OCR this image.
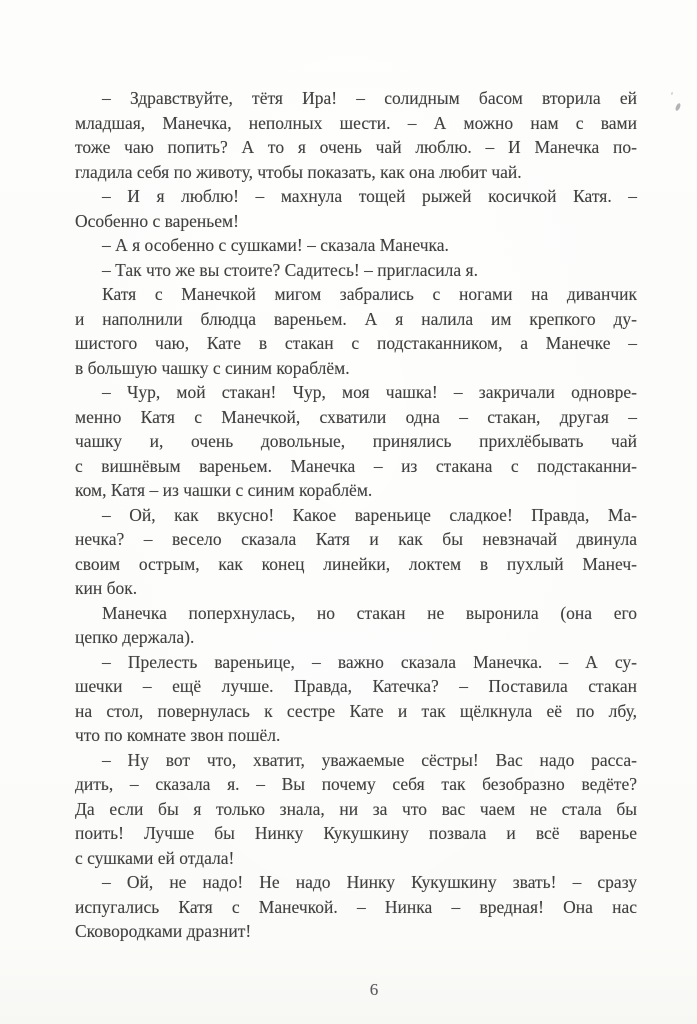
– Здравствуйте, тётя Ира! – солидным басом вторила ей
младшая, Манечка, неполных шести. – А можно нам с вами
тоже чаю попить? А то я очень чай люблю. – И Манечка по-
гладила себя по животу, чтобы показать, как она любит чай.

– И я люблю! – махнула тощей рыжей косичкой Катя. –
Особенно с вареньем!

– А я особенно с сушками! – сказала Манечка.

– Так что же вы стоите? Садитесь! – пригласила я.

Катя с Манечкой мигом забрались с ногами на диванчик
и наполнили блюдца вареньем. А я налила им крепкого ду-
шистого чаю, Кате в стакан с подстаканником, а Манечке –
в большую чашку с синим кораблём.

– Чур, мой стакан! Чур, моя чашка! – закричали одновре-
менно Катя с Манечкой, схватили одна – стакан, другая –
чашку и, очень довольные, принялись прихлёбывать чай
с вишнёвым вареньем. Манечка – из стакана с подстаканни-
ком, Катя – из чашки с синим кораблём.

– Ой, как вкусно! Какое вареньице сладкое! Правда, Ма-
нечка? – весело сказала Катя и как бы невзначай двинула
своим острым, как конец линейки, локтем в пухлый Манеч-
кин бок.

Манечка поперхнулась, но стакан не выронила (она его
цепко держала).

– Прелесть вареньице, – важно сказала Манечка. – А су-
шечки – ещё лучше. Правда, Катечка? – Поставила стакан
на стол, повернулась к сестре Кате и так щёлкнула её по лбу,
что по комнате звон пошёл.

– Ну вот что, хватит, уважаемые сёстры! Вас надо расса-
дить, – сказала я. – Вы почему себя так безобразно ведёте?
Да если бы я только знала, ни за что вас чаем не стала бы
поить! Лучше бы Нинку Кукушкину позвала и всё варенье
с сушками ей отдала!

– Ой, не надо! Не надо Нинку Кукушкину звать! – сразу
испугались Катя с Манечкой. – Нинка – вредная! Она нас
Сковородками дразнит!

6
